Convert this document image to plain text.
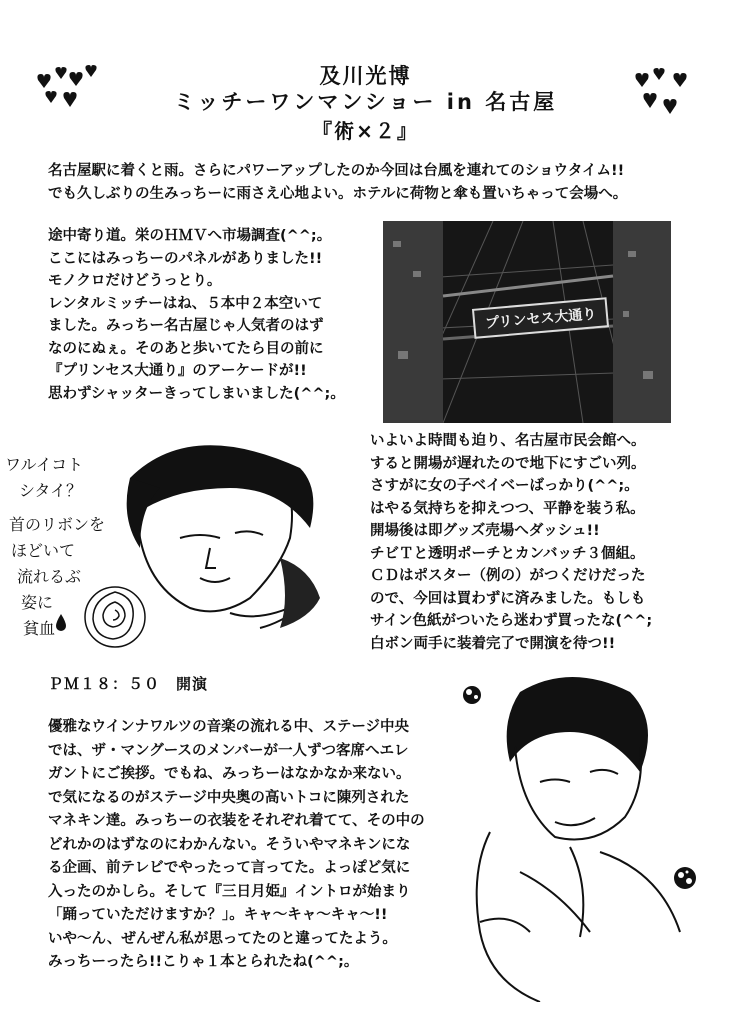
及川光博
ミッチーワンマンショー in 名古屋
『術×２』
名古屋駅に着くと雨。さらにパワーアップしたのか今回は台風を連れてのショウタイム!!
でも久しぶりの生みっちーに雨さえ心地よい。ホテルに荷物と傘も置いちゃって会場へ。
途中寄り道。栄のＨＭＶへ市場調査(^^;。
ここにはみっちーのパネルがありました!!
モノクロだけどうっとり。
レンタルミッチーはね、５本中２本空いて
ました。みっちー名古屋じゃ人気者のはず
なのにぬぇ。そのあと歩いてたら目の前に
『プリンセス大通り』のアーケードが!!
思わずシャッターきってしまいました(^^;。
プリンセス大通り
いよいよ時間も迫り、名古屋市民会館へ。
すると開場が遅れたので地下にすごい列。
さすがに女の子ベイベーばっかり(^^;。
はやる気持ちを抑えつつ、平静を装う私。
開場後は即グッズ売場へダッシュ!!
チビＴと透明ポーチとカンバッチ３個組。
ＣＤはポスター（例の）がつくだけだった
ので、今回は買わずに済みました。もしも
サイン色紙がついたら迷わず買ったな(^^;
白ボン両手に装着完了で開演を待つ!!
ワルイコト
シタイ？
首のリボンを
ほどいて
流れるぶ
姿に
貧血
ＰＭ１８：５０　開演
優雅なウインナワルツの音楽の流れる中、ステージ中央
では、ザ・マングースのメンバーが一人ずつ客席へエレ
ガントにご挨拶。でもね、みっちーはなかなか来ない。
で気になるのがステージ中央奥の高いトコに陳列された
マネキン達。みっちーの衣装をそれぞれ着てて、その中の
どれかのはずなのにわかんない。そういやマネキンにな
る企画、前テレビでやったって言ってた。よっぽど気に
入ったのかしら。そして『三日月姫』イントロが始まり
「踊っていただけますか？」。キャ〜キャ〜キャ〜!!
いや〜ん、ぜんぜん私が思ってたのと違ってたよう。
みっちーったら!!こりゃ１本とられたね(^^;。
